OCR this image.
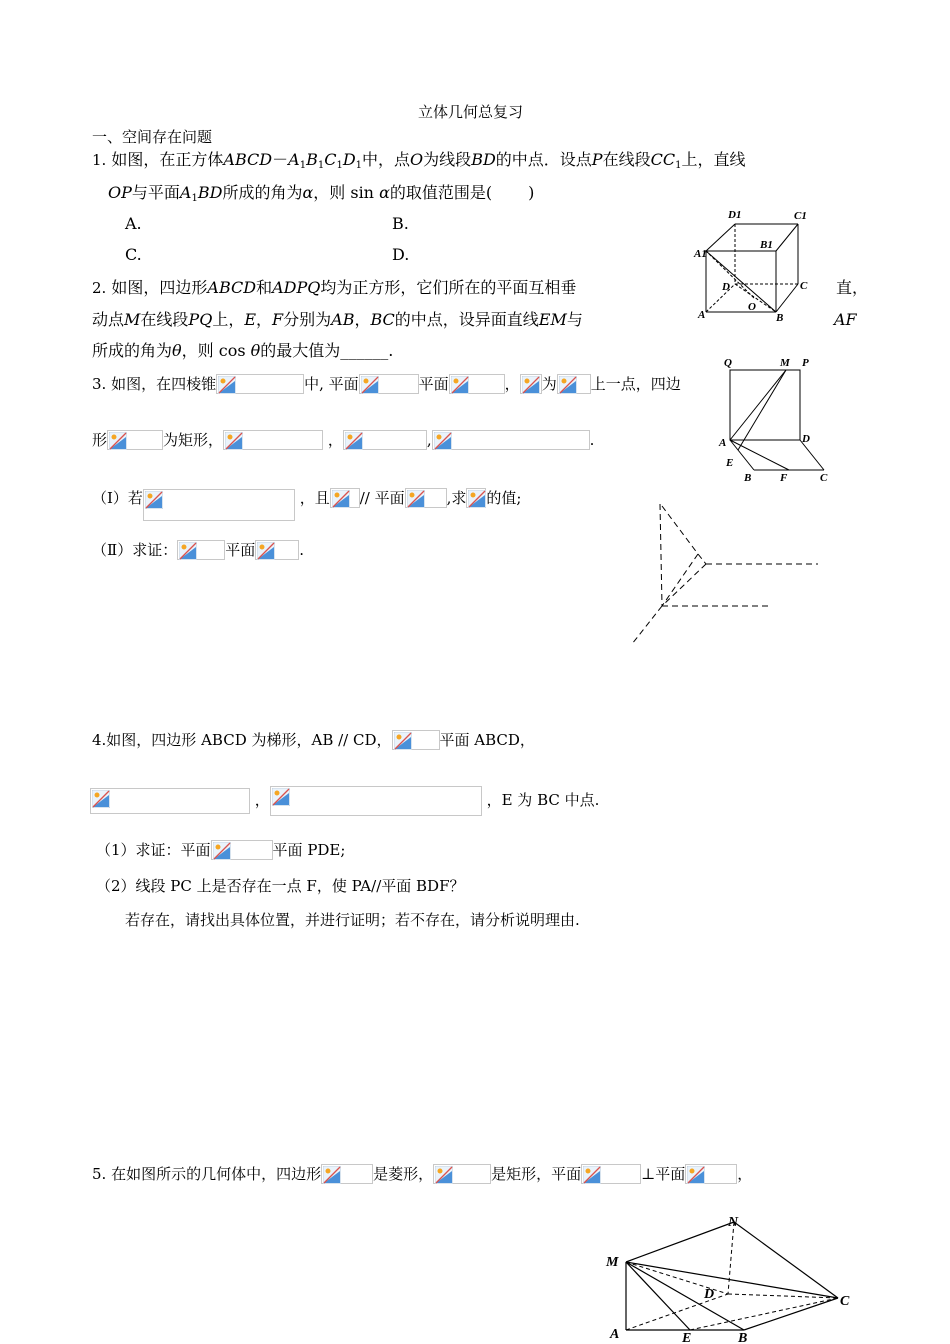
立体几何总复习
一、空间存在问题
1. 如图，在正方体$ABCD-A_1B_1C_1D_1$中，点O为线段BD的中点．设点P在线段$CC_1$上，直线
OP与平面$A_1BD$所成的角为α，则 sin α的取值范围是( )
A.	B.
C.	D.
D1	C1
A1
B1
D	C
O
A	B
2. 如图，四边形ABCD和ADPQ均为正方形，它们所在的平面互相垂	直，
动点M在线段PQ上，E，F分别为AB，BC的中点，设异面直线EM与	AF
所成的角为θ，则 cos θ的最大值为______.
Q	M P
A	D
E
B	F	C
3. 如图，在四棱锥	中, 平面	平面	， 为 上一点，四边
形	为矩形，	，	,	.
（Ⅰ）若	，且 // 平面	,求 的值;
（Ⅱ）求证：	平面	.
4.如图，四边形 ABCD 为梯形，AB // CD，	平面 ABCD，
，	，E 为 BC 中点.
（1）求证：平面	平面 PDE;
（2）线段 PC 上是否存在一点 F，使 PA//平面 BDF？
若存在，请找出具体位置，并进行证明；若不存在，请分析说明理由.
5. 在如图所示的几何体中，四边形	是菱形，	是矩形，平面	⊥平面	，
N
M
D	C
A	E	B
